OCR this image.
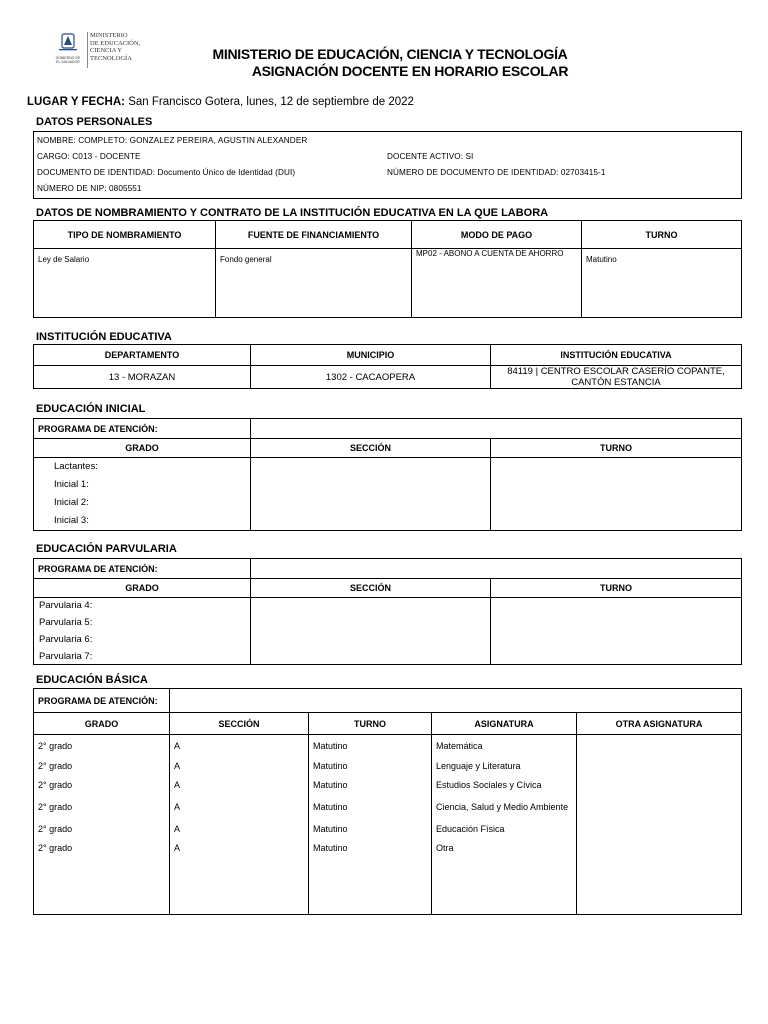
GOBIERNO DE
EL SALVADOR
MINISTERIO
DE EDUCACIÓN,
CIENCIA Y
TECNOLOGÍA	MINISTERIO DE EDUCACIÓN, CIENCIA Y TECNOLOGÍA
ASIGNACIÓN DOCENTE EN HORARIO ESCOLAR
LUGAR Y FECHA: San Francisco Gotera, lunes, 12 de septiembre de 2022
DATOS PERSONALES
NOMBRE: COMPLETO: GONZALEZ PEREIRA, AGUSTIN ALEXANDER	
CARGO: C013 - DOCENTE	DOCENTE ACTIVO: SI
DOCUMENTO DE IDENTIDAD: Documento Único de Identidad (DUI)	NÚMERO DE DOCUMENTO DE IDENTIDAD: 02703415-1
NÚMERO DE NIP: 0805551	
DATOS DE NOMBRAMIENTO Y CONTRATO DE LA INSTITUCIÓN EDUCATIVA EN LA QUE LABORA
TIPO DE NOMBRAMIENTO	FUENTE DE FINANCIAMIENTO	MODO DE PAGO	TURNO
Ley de Salario	Fondo general	MP02 - ABONO A CUENTA DE AHORRO	Matutino
INSTITUCIÓN EDUCATIVA
DEPARTAMENTO	MUNICIPIO	INSTITUCIÓN EDUCATIVA
13 - MORAZAN	1302 - CACAOPERA	84119 | CENTRO ESCOLAR CASERÍO COPANTE, CANTÓN ESTANCIA
EDUCACIÓN INICIAL
PROGRAMA DE ATENCIÓN:		
GRADO	SECCIÓN	TURNO

Lactantes:
Inicial 1:
Inicial 2:
Inicial 3:		

EDUCACIÓN PARVULARIA
PROGRAMA DE ATENCIÓN:		
GRADO	SECCIÓN	TURNO

Parvularia 4:
Parvularia 5:
Parvularia 6:
Parvularia 7:		

EDUCACIÓN BÁSICA
PROGRAMA DE ATENCIÓN:				
GRADO	SECCIÓN	TURNO	ASIGNATURA	OTRA ASIGNATURA
2° grado	A	Matutino	Matemática	
2° grado	A	Matutino	Lenguaje y Literatura	
2° grado	A	Matutino	Estudios Sociales y Cívica	
2° grado	A	Matutino	Ciencia, Salud y Medio Ambiente	
2° grado	A	Matutino	Educación Física	
2° grado	A	Matutino	Otra	
